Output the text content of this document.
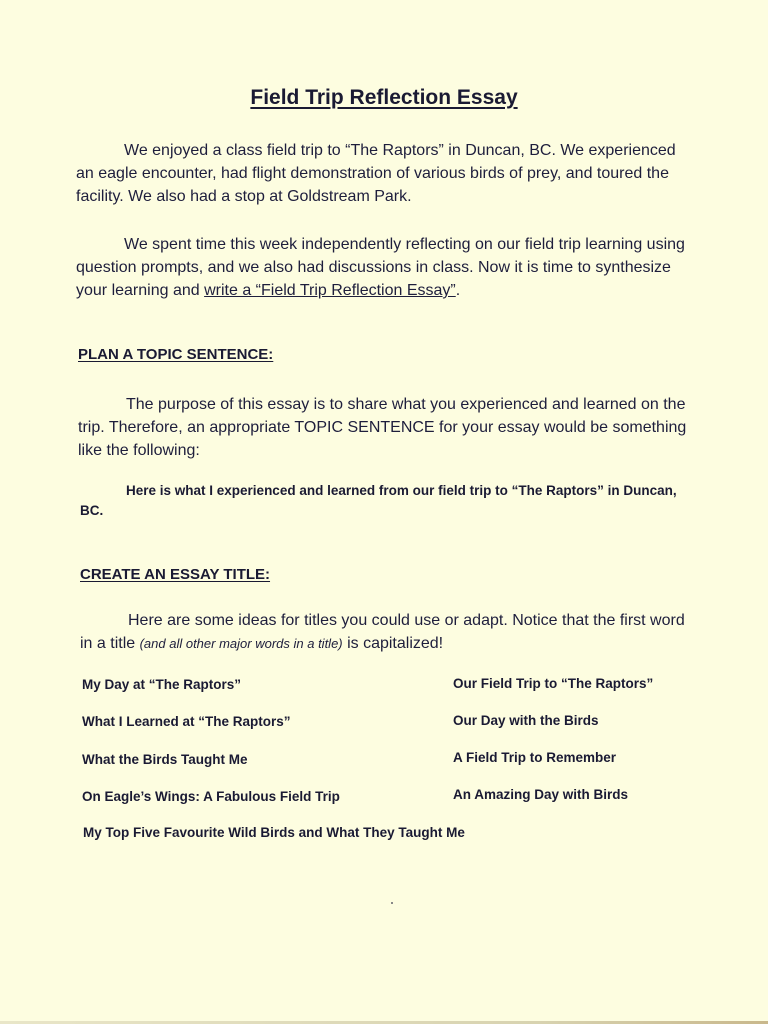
Field Trip Reflection Essay
We enjoyed a class field trip to “The Raptors” in Duncan, BC. We experienced an eagle encounter, had flight demonstration of various birds of prey, and toured the facility. We also had a stop at Goldstream Park.
We spent time this week independently reflecting on our field trip learning using question prompts, and we also had discussions in class. Now it is time to synthesize your learning and write a “Field Trip Reflection Essay”.
PLAN A TOPIC SENTENCE:
The purpose of this essay is to share what you experienced and learned on the trip. Therefore, an appropriate TOPIC SENTENCE for your essay would be something like the following:
Here is what I experienced and learned from our field trip to “The Raptors” in Duncan, BC.
CREATE AN ESSAY TITLE:
Here are some ideas for titles you could use or adapt. Notice that the first word in a title (and all other major words in a title) is capitalized!
My Day at “The Raptors”
What I Learned at “The Raptors”
What the Birds Taught Me
On Eagle’s Wings: A Fabulous Field Trip
Our Field Trip to “The Raptors”
Our Day with the Birds
A Field Trip to Remember
An Amazing Day with Birds
My Top Five Favourite Wild Birds and What They Taught Me
